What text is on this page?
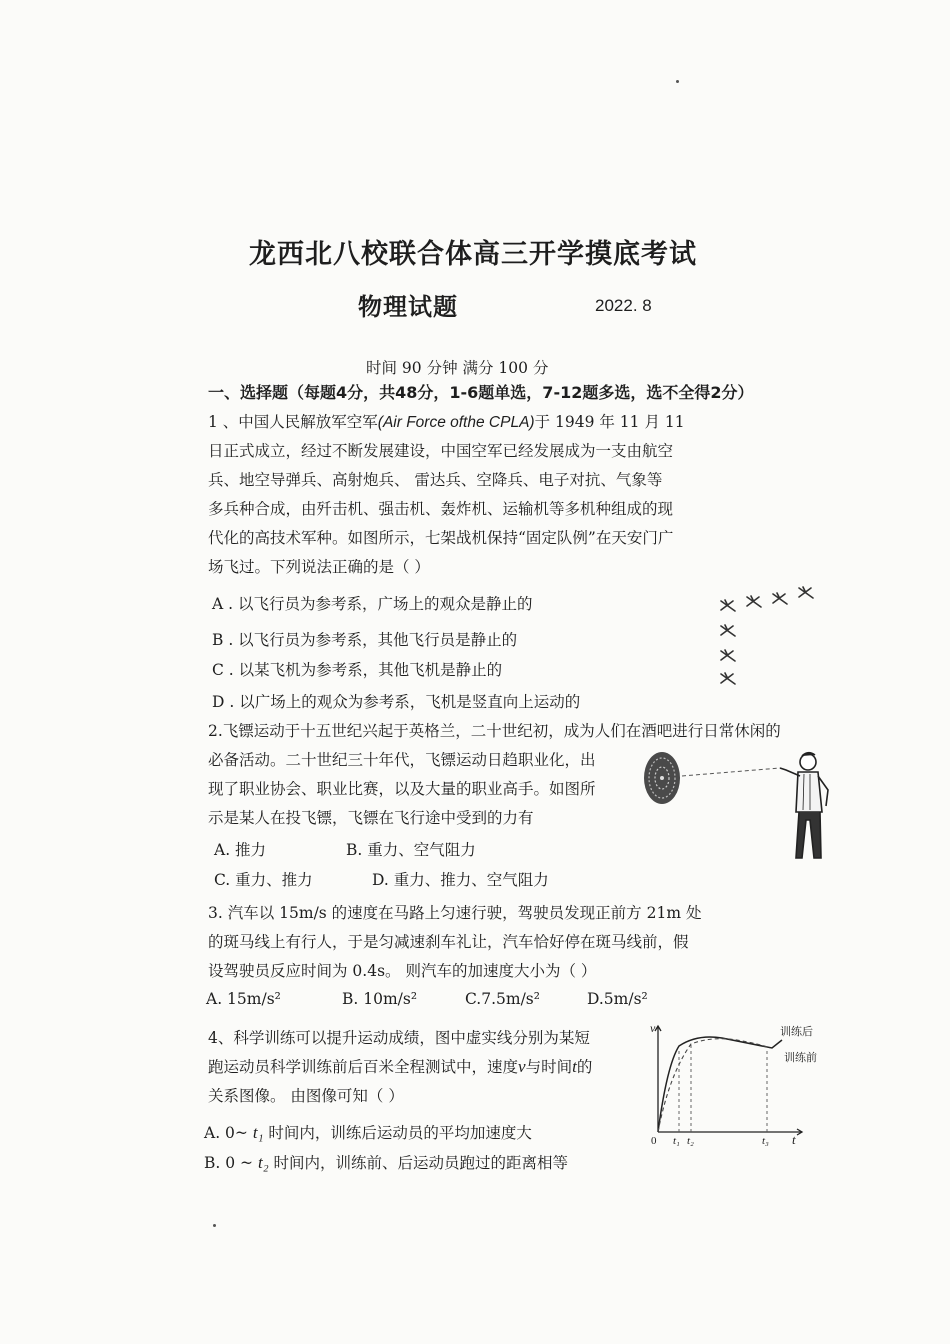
龙西北八校联合体高三开学摸底考试
物理试题	2022. 8
时间 90 分钟 满分 100 分
一、选择题（每题4分，共48分，1-6题单选，7-12题多选，选不全得2分）
1 、中国人民解放军空军(Air Force ofthe CPLA)于 1949 年 11 月 11
日正式成立，经过不断发展建设，中国空军已经发展成为一支由航空
兵、地空导弹兵、高射炮兵、 雷达兵、空降兵、电子对抗、气象等
多兵种合成，由歼击机、强击机、轰炸机、运输机等多机种组成的现
代化的高技术军种。如图所示，七架战机保持“固定队例”在天安门广
场飞过。下列说法正确的是（ ）
A . 以飞行员为参考系，广场上的观众是静止的
B . 以飞行员为参考系，其他飞行员是静止的
C . 以某飞机为参考系，其他飞机是静止的
D . 以广场上的观众为参考系，飞机是竖直向上运动的
2.飞镖运动于十五世纪兴起于英格兰，二十世纪初，成为人们在酒吧进行日常休闲的
必备活动。二十世纪三十年代，飞镖运动日趋职业化，出
现了职业协会、职业比赛，以及大量的职业高手。如图所
示是某人在投飞镖，飞镖在飞行途中受到的力有
A. 推力	B. 重力、空气阻力
C. 重力、推力	D. 重力、推力、空气阻力
3. 汽车以 15m/s 的速度在马路上匀速行驶，驾驶员发现正前方 21m 处
的斑马线上有行人，于是匀减速刹车礼让，汽车恰好停在斑马线前，假
设驾驶员反应时间为 0.4s。 则汽车的加速度大小为（ ）
A. 15m/s²	B. 10m/s²	C.7.5m/s²	D.5m/s²
4、科学训练可以提升运动成绩，图中虚实线分别为某短
跑运动员科学训练前后百米全程测试中，速度v与时间t的
关系图像。 由图像可知（ ）
A. 0~ t₁ 时间内，训练后运动员的平均加速度大
B. 0 ~ t₂ 时间内，训练前、后运动员跑过的距离相等
v
t
0 t₁ t₂	t₃
训练后
训练前
